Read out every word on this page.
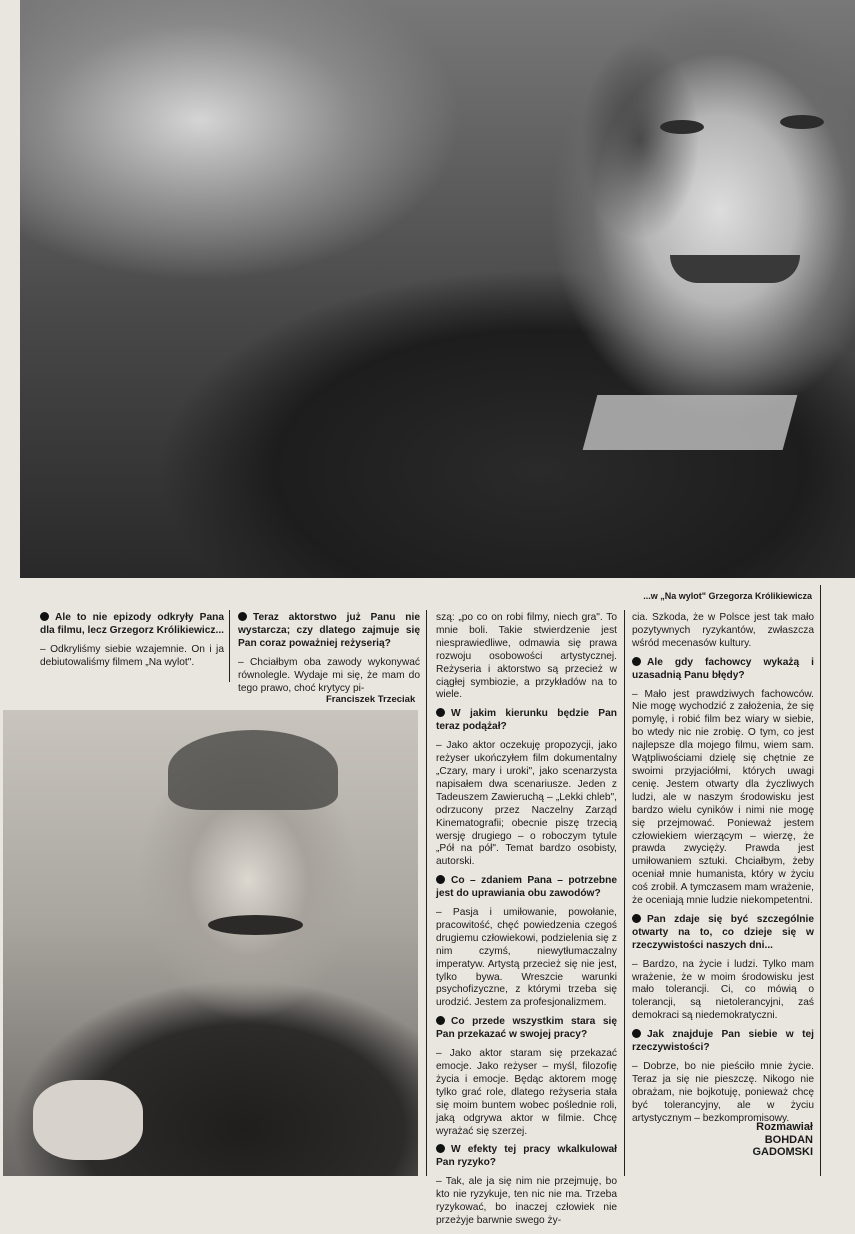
...w „Na wylot" Grzegorza Królikiewicza

Ale to nie epizody odkryły Pana dla filmu, lecz Grzegorz Królikiewicz...

– Odkryliśmy siebie wzajemnie. On i ja debiutowaliśmy filmem „Na wylot".

Teraz aktorstwo już Panu nie wystarcza; czy dlatego zajmuje się Pan coraz poważniej reżyserią?

– Chciałbym oba zawody wykonywać równolegle. Wydaje mi się, że mam do tego prawo, choć krytycy pi-

Franciszek Trzeciak

szą: „po co on robi filmy, niech gra". To mnie boli. Takie stwierdzenie jest niesprawiedliwe, odmawia się prawa rozwoju osobowości artystycznej. Reżyseria i aktorstwo są przecież w ciągłej symbiozie, a przykładów na to wiele.

W jakim kierunku będzie Pan teraz podążał?

– Jako aktor oczekuję propozycji, jako reżyser ukończyłem film dokumentalny „Czary, mary i uroki", jako scenarzysta napisałem dwa scenariusze. Jeden z Tadeuszem Zawieruchą – „Lekki chleb", odrzucony przez Naczelny Zarząd Kinematografii; obecnie piszę trzecią wersję drugiego – o roboczym tytule „Pół na pół". Temat bardzo osobisty, autorski.

Co – zdaniem Pana – potrzebne jest do uprawiania obu zawodów?

– Pasja i umiłowanie, powołanie, pracowitość, chęć powiedzenia czegoś drugiemu człowiekowi, podzielenia się z nim czymś, niewytłumaczalny imperatyw. Artystą przecież się nie jest, tylko bywa. Wreszcie warunki psychofizyczne, z którymi trzeba się urodzić. Jestem za profesjonalizmem.

Co przede wszystkim stara się Pan przekazać w swojej pracy?

– Jako aktor staram się przekazać emocje. Jako reżyser – myśl, filozofię życia i emocje. Będąc aktorem mogę tylko grać role, dlatego reżyseria stała się moim buntem wobec poślednie roli, jaką odgrywa aktor w filmie. Chcę wyrażać się szerzej.

W efekty tej pracy wkalkulował Pan ryzyko?

– Tak, ale ja się nim nie przejmuję, bo kto nie ryzykuje, ten nic nie ma. Trzeba ryzykować, bo inaczej człowiek nie przeżyje barwnie swego ży-

cia. Szkoda, że w Polsce jest tak mało pozytywnych ryzykantów, zwłaszcza wśród mecenasów kultury.

Ale gdy fachowcy wykażą i uzasadnią Panu błędy?

– Mało jest prawdziwych fachowców. Nie mogę wychodzić z założenia, że się pomylę, i robić film bez wiary w siebie, bo wtedy nic nie zrobię. O tym, co jest najlepsze dla mojego filmu, wiem sam. Wątpliwościami dzielę się chętnie ze swoimi przyjaciółmi, których uwagi cenię. Jestem otwarty dla życzliwych ludzi, ale w naszym środowisku jest bardzo wielu cyników i nimi nie mogę się przejmować. Ponieważ jestem człowiekiem wierzącym – wierzę, że prawda zwycięży. Prawda jest umiłowaniem sztuki. Chciałbym, żeby oceniał mnie humanista, który w życiu coś zrobił. A tymczasem mam wrażenie, że oceniają mnie ludzie niekompetentni.

Pan zdaje się być szczególnie otwarty na to, co dzieje się w rzeczywistości naszych dni...

– Bardzo, na życie i ludzi. Tylko mam wrażenie, że w moim środowisku jest mało tolerancji. Ci, co mówią o tolerancji, są nietolerancyjni, zaś demokraci są niedemokratyczni.

Jak znajduje Pan siebie w tej rzeczywistości?

– Dobrze, bo nie pieściło mnie życie. Teraz ja się nie pieszczę. Nikogo nie obrażam, nie bojkotuję, ponieważ chcę być tolerancyjny, ale w życiu artystycznym – bezkompromisowy.

Rozmawiał
BOHDAN
GADOMSKI
